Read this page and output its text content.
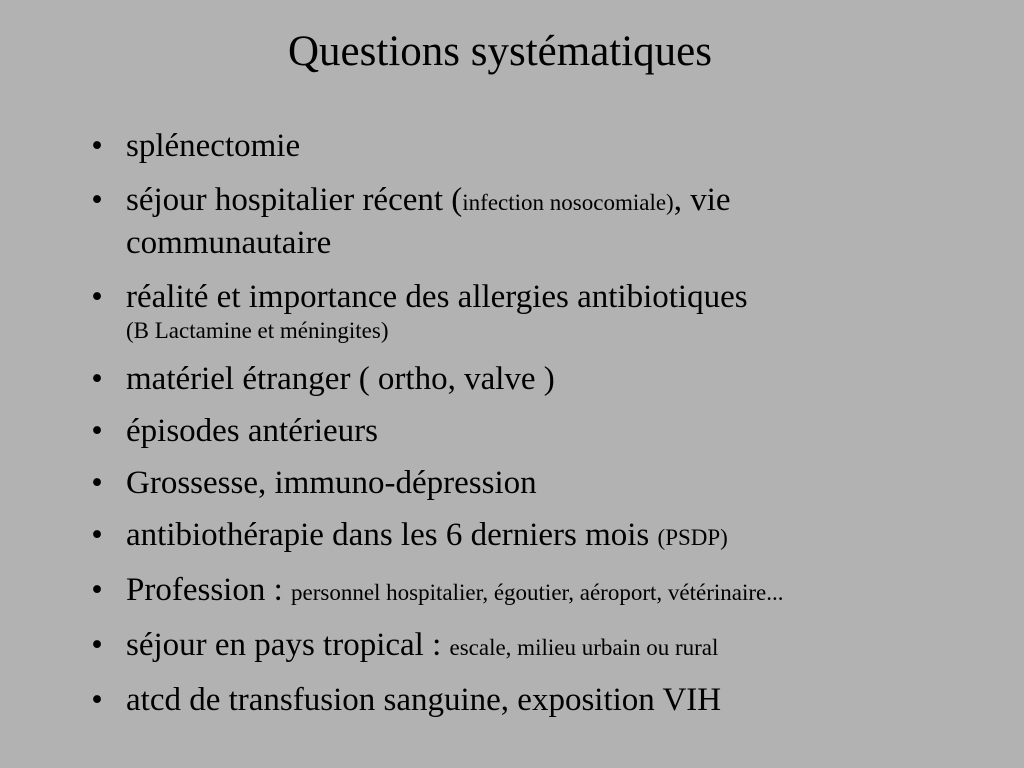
Questions systématiques
• splénectomie
• séjour hospitalier récent (infection nosocomiale), vie communautaire
• réalité et importance des allergies antibiotiques
(B Lactamine et méningites)
• matériel étranger ( ortho, valve )
• épisodes antérieurs
• Grossesse, immuno-dépression
• antibiothérapie dans les 6 derniers mois (PSDP)
• Profession : personnel hospitalier, égoutier, aéroport, vétérinaire...
• séjour en pays tropical : escale, milieu urbain ou rural
• atcd de transfusion sanguine, exposition VIH
